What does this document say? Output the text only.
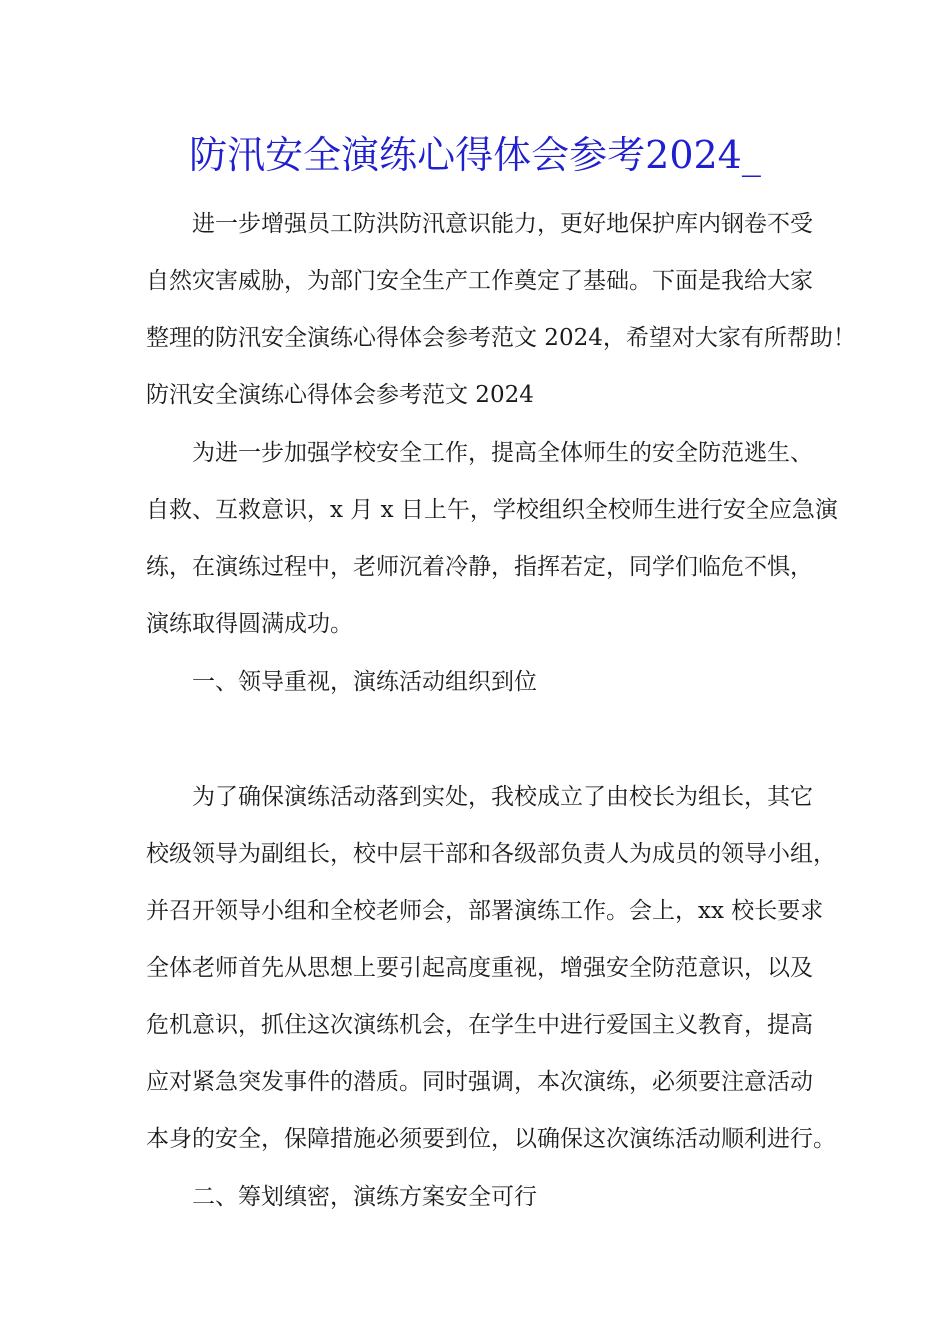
防汛安全演练心得体会参考2024_
进一步增强员工防洪防汛意识能力，更好地保护库内钢卷不受
自然灾害威胁，为部门安全生产工作奠定了基础。下面是我给大家
整理的防汛安全演练心得体会参考范文 2024，希望对大家有所帮助！
防汛安全演练心得体会参考范文 2024
为进一步加强学校安全工作，提高全体师生的安全防范逃生、
自救、互救意识，x 月 x 日上午，学校组织全校师生进行安全应急演
练，在演练过程中，老师沉着冷静，指挥若定，同学们临危不惧，
演练取得圆满成功。
一、领导重视，演练活动组织到位
为了确保演练活动落到实处，我校成立了由校长为组长，其它
校级领导为副组长，校中层干部和各级部负责人为成员的领导小组，
并召开领导小组和全校老师会，部署演练工作。会上，xx 校长要求
全体老师首先从思想上要引起高度重视，增强安全防范意识，以及
危机意识，抓住这次演练机会，在学生中进行爱国主义教育，提高
应对紧急突发事件的潜质。同时强调，本次演练，必须要注意活动
本身的安全，保障措施必须要到位，以确保这次演练活动顺利进行。
二、筹划缜密，演练方案安全可行
